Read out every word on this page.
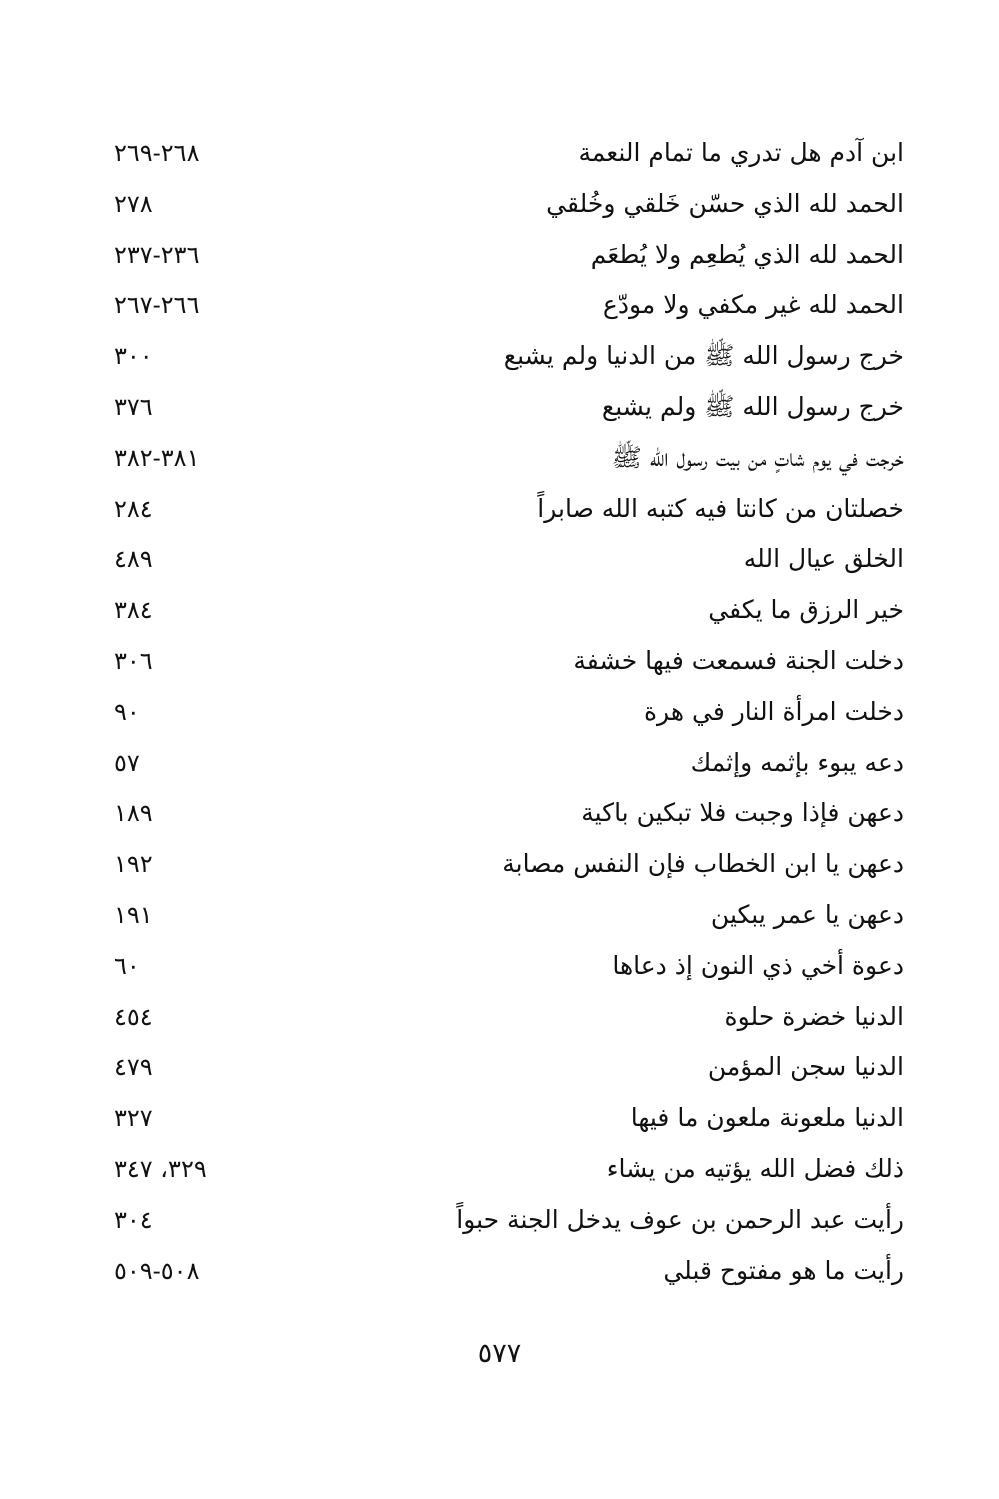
ابن آدم هل تدري ما تمام النعمة
٢٦٨-٢٦٩
الحمد لله الذي حسّن خَلقي وخُلقي
٢٧٨
الحمد لله الذي يُطعِم ولا يُطعَم
٢٣٦-٢٣٧
الحمد لله غير مكفي ولا مودّع
٢٦٦-٢٦٧
خرج رسول الله ﷺ من الدنيا ولم يشبع
٣٠٠
خرج رسول الله ﷺ ولم يشبع
٣٧٦
خرجت في يوم شاتٍ من بيت رسول الله ﷺ
٣٨١-٣٨٢
خصلتان من كانتا فيه كتبه الله صابراً
٢٨٤
الخلق عيال الله
٤٨٩
خير الرزق ما يكفي
٣٨٤
دخلت الجنة فسمعت فيها خشفة
٣٠٦
دخلت امرأة النار في هرة
٩٠
دعه يبوء بإثمه وإثمك
٥٧
دعهن فإذا وجبت فلا تبكين باكية
١٨٩
دعهن يا ابن الخطاب فإن النفس مصابة
١٩٢
دعهن يا عمر يبكين
١٩١
دعوة أخي ذي النون إذ دعاها
٦٠
الدنيا خضرة حلوة
٤٥٤
الدنيا سجن المؤمن
٤٧٩
الدنيا ملعونة ملعون ما فيها
٣٢٧
ذلك فضل الله يؤتيه من يشاء
٣٢٩، ٣٤٧
رأيت عبد الرحمن بن عوف يدخل الجنة حبواً
٣٠٤
رأيت ما هو مفتوح قبلي
٥٠٨-٥٠٩
٥٧٧
